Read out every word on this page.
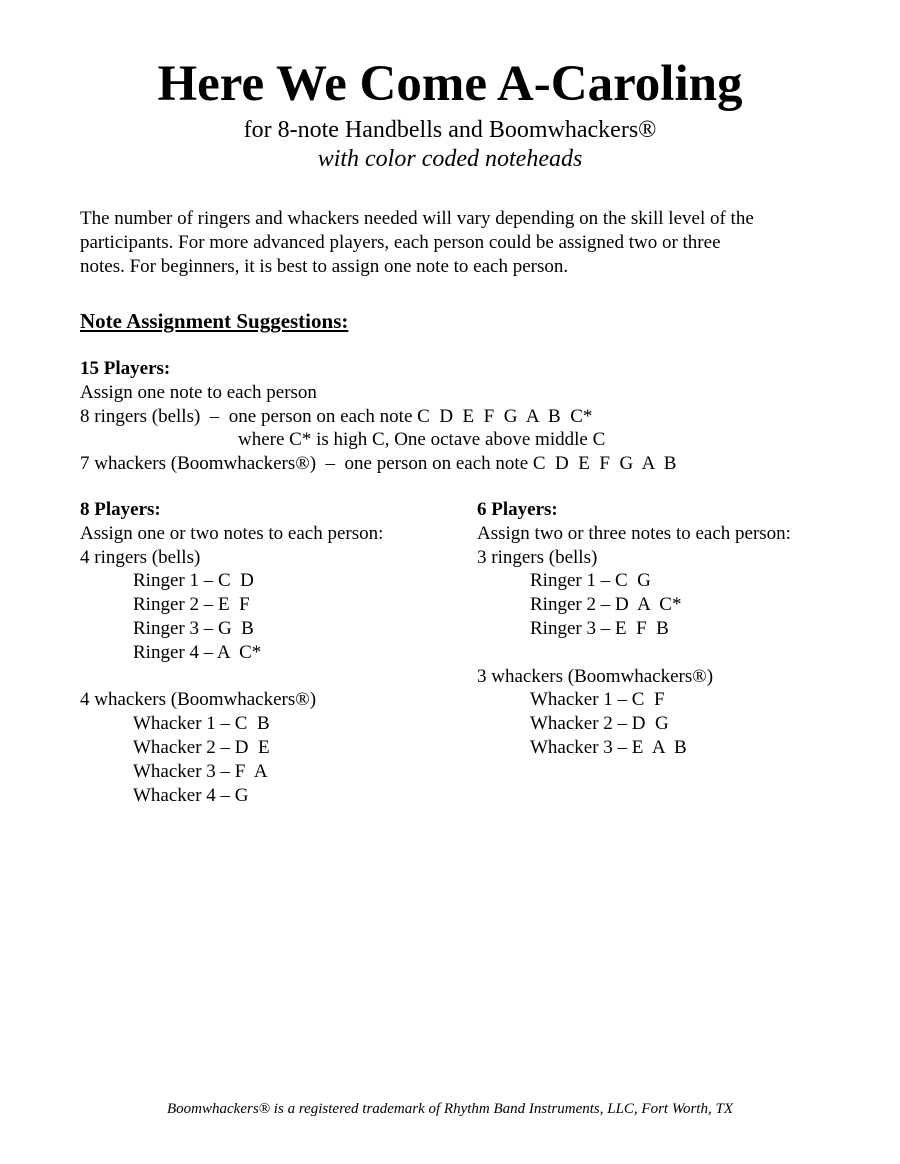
Here We Come A-Caroling
for 8-note Handbells and Boomwhackers®
with color coded noteheads

The number of ringers and whackers needed will vary depending on the skill level of the

participants. For more advanced players, each person could be assigned two or three

notes. For beginners, it is best to assign one note to each person.

Note Assignment Suggestions:
15 Players:
Assign one note to each person
8 ringers (bells)  –  one person on each note C  D  E  F  G  A  B  C*
where C* is high C, One octave above middle C
7 whackers (Boomwhackers®)  –  one person on each note C  D  E  F  G  A  B
8 Players:
Assign one or two notes to each person:
4 ringers (bells)
Ringer 1 – C  D
Ringer 2 – E  F
Ringer 3 – G  B
Ringer 4 – A  C*
4 whackers (Boomwhackers®)
Whacker 1 – C  B
Whacker 2 – D  E
Whacker 3 – F  A
Whacker 4 – G
6 Players:
Assign two or three notes to each person:
3 ringers (bells)
Ringer 1 – C  G
Ringer 2 – D  A  C*
Ringer 3 – E  F  B
3 whackers (Boomwhackers®)
Whacker 1 – C  F
Whacker 2 – D  G
Whacker 3 – E  A  B
Boomwhackers® is a registered trademark of Rhythm Band Instruments, LLC, Fort Worth, TX
